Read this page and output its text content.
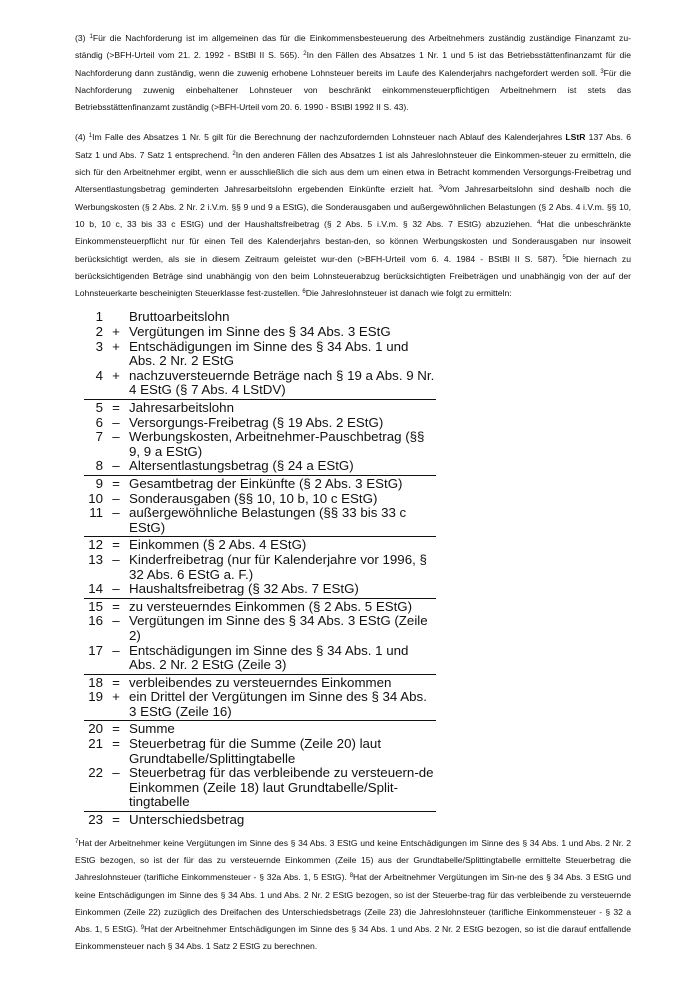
(3) $^1$Für die Nachforderung ist im allgemeinen das für die Einkommensbesteuerung des Arbeitnehmers zuständig zuständige Finanzamt zu-ständig (>BFH-Urteil vom 21. 2. 1992 - BStBl II S. 565). $^2$In den Fällen des Absatzes 1 Nr. 1 und 5 ist das Betriebsstättenfinanzamt für die Nachforderung dann zuständig, wenn die zuwenig erhobene Lohnsteuer bereits im Laufe des Kalenderjahrs nachgefordert werden soll. $^3$Für die Nachforderung zuwenig einbehaltener Lohnsteuer von beschränkt einkommensteuerpflichtigen Arbeitnehmern ist stets das Betriebsstättenfinanzamt zuständig (>BFH-Urteil vom 20. 6. 1990 - BStBl 1992 II S. 43).

(4) $^1$Im Falle des Absatzes 1 Nr. 5 gilt für die Berechnung der nachzufordernden Lohnsteuer nach Ablauf des Kalenderjahres LStR 137 Abs. 6 Satz 1 und Abs. 7 Satz 1 entsprechend. $^2$In den anderen Fällen des Absatzes 1 ist als Jahreslohnsteuer die Einkommen-steuer zu ermitteln, die sich für den Arbeitnehmer ergibt, wenn er ausschließlich die sich aus dem um einen etwa in Betracht kommenden Versorgungs-Freibetrag und Altersentlastungsbetrag geminderten Jahresarbeitslohn ergebenden Einkünfte erzielt hat. $^3$Vom Jahresarbeitslohn sind deshalb noch die Werbungskosten (§ 2 Abs. 2 Nr. 2 i.V.m. §§ 9 und 9 a EStG), die Sonderausgaben und außergewöhnlichen Belastungen (§ 2 Abs. 4 i.V.m. §§ 10, 10 b, 10 c, 33 bis 33 c EStG) und der Haushaltsfreibetrag (§ 2 Abs. 5 i.V.m. § 32 Abs. 7 EStG) abzuziehen. $^4$Hat die unbeschränkte Einkommensteuerpflicht nur für einen Teil des Kalenderjahrs bestan-den, so können Werbungskosten und Sonderausgaben nur insoweit berücksichtigt werden, als sie in diesem Zeitraum geleistet wur-den (>BFH-Urteil vom 6. 4. 1984 - BStBl II S. 587). $^5$Die hiernach zu berücksichtigenden Beträge sind unabhängig von den beim Lohnsteuerabzug berücksichtigten Freibeträgen und unabhängig von der auf der Lohnsteuerkarte bescheinigten Steuerklasse fest-zustellen. $^6$Die Jahreslohnsteuer ist danach wie folgt zu ermitteln:

1 Bruttoarbeitslohn
2 + Vergütungen im Sinne des § 34 Abs. 3 EStG
3 + Entschädigungen im Sinne des § 34 Abs. 1 und Abs. 2 Nr. 2 EStG
4 + nachzuversteuernde Beträge nach § 19 a Abs. 9 Nr. 4 EStG (§ 7 Abs. 4 LStDV)
5 = Jahresarbeitslohn
6 – Versorgungs-Freibetrag (§ 19 Abs. 2 EStG)
7 – Werbungskosten, Arbeitnehmer-Pauschbetrag (§§ 9, 9 a EStG)
8 – Altersentlastungsbetrag (§ 24 a EStG)
9 = Gesamtbetrag der Einkünfte (§ 2 Abs. 3 EStG)
10 – Sonderausgaben (§§ 10, 10 b, 10 c EStG)
11 – außergewöhnliche Belastungen (§§ 33 bis 33 c EStG)
12 = Einkommen (§ 2 Abs. 4 EStG)
13 – Kinderfreibetrag (nur für Kalenderjahre vor 1996, § 32 Abs. 6 EStG a. F.)
14 – Haushaltsfreibetrag (§ 32 Abs. 7 EStG)
15 = zu versteuerndes Einkommen (§ 2 Abs. 5 EStG)
16 – Vergütungen im Sinne des § 34 Abs. 3 EStG (Zeile 2)
17 – Entschädigungen im Sinne des § 34 Abs. 1 und Abs. 2 Nr. 2 EStG (Zeile 3)
18 = verbleibendes zu versteuerndes Einkommen
19 + ein Drittel der Vergütungen im Sinne des § 34 Abs. 3 EStG (Zeile 16)
20 = Summe
21 = Steuerbetrag für die Summe (Zeile 20) laut Grundtabelle/Splittingtabelle
22 – Steuerbetrag für das verbleibende zu versteuern-de Einkommen (Zeile 18) laut Grundtabelle/Split-tingtabelle
23 = Unterschiedsbetrag

$^7$Hat der Arbeitnehmer keine Vergütungen im Sinne des § 34 Abs. 3 EStG und keine Entschädigungen im Sinne des § 34 Abs. 1 und Abs. 2 Nr. 2 EStG bezogen, so ist der für das zu versteuernde Einkommen (Zeile 15) aus der Grundtabelle/Splittingtabelle ermittelte Steuerbetrag die Jahreslohnsteuer (tarifliche Einkommensteuer - § 32a Abs. 1, 5 EStG). $^8$Hat der Arbeitnehmer Vergütungen im Sin-ne des § 34 Abs. 3 EStG und keine Entschädigungen im Sinne des § 34 Abs. 1 und Abs. 2 Nr. 2 EStG bezogen, so ist der Steuerbe-trag für das verbleibende zu versteuernde Einkommen (Zeile 22) zuzüglich des Dreifachen des Unterschiedsbetrags (Zeile 23) die Jahreslohnsteuer (tarifliche Einkommensteuer - § 32 a Abs. 1, 5 EStG). $^9$Hat der Arbeitnehmer Entschädigungen im Sinne des § 34 Abs. 1 und Abs. 2 Nr. 2 EStG bezogen, so ist die darauf entfallende Einkommensteuer nach § 34 Abs. 1 Satz 2 EStG zu berechnen.
